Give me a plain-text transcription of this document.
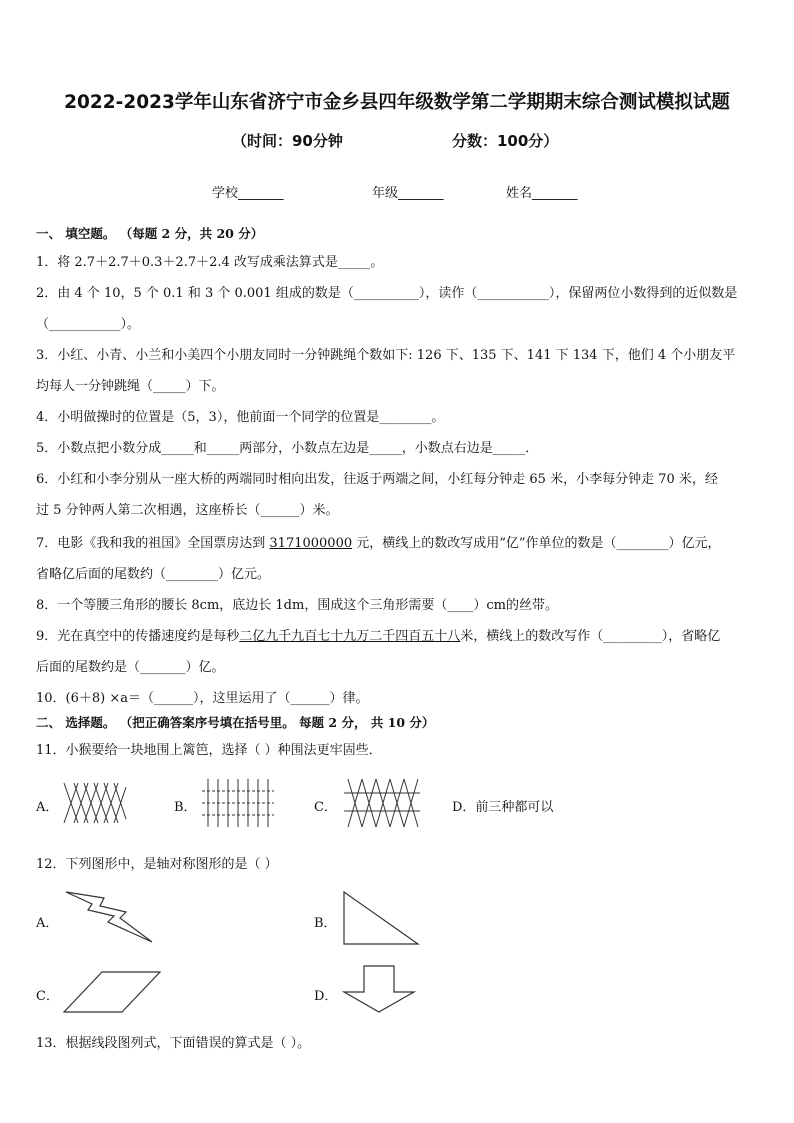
2022-2023学年山东省济宁市金乡县四年级数学第二学期期末综合测试模拟试题
（时间：90分钟	分数：100分）
学校_______	年级_______	姓名_______
一、 填空题。 （每题 2 分，共 20 分）
1．将 2.7＋2.7＋0.3＋2.7＋2.4 改写成乘法算式是_____。
2．由 4 个 10，5 个 0.1 和 3 个 0.001 组成的数是（__________），读作（___________），保留两位小数得到的近似数是
（___________）。
3．小红、小青、小兰和小美四个小朋友同时一分钟跳绳个数如下: 126 下、135 下、141 下 134 下，他们 4 个小朋友平
均每人一分钟跳绳（_____）下。
4．小明做操时的位置是（5，3），他前面一个同学的位置是________。
5．小数点把小数分成_____和_____两部分，小数点左边是_____，小数点右边是_____．
6．小红和小李分别从一座大桥的两端同时相向出发，往返于两端之间，小红每分钟走 65 米，小李每分钟走 70 米，经
过 5 分钟两人第二次相遇，这座桥长（______）米。
7．电影《我和我的祖国》全国票房达到 3171000000 元，横线上的数改写成用“亿”作单位的数是（________）亿元，
省略亿后面的尾数约（________）亿元。
8．一个等腰三角形的腰长 8cm，底边长 1dm，围成这个三角形需要（____）cm的丝带。
9．光在真空中的传播速度约是每秒二亿九千九百七十九万二千四百五十八米，横线上的数改写作（_________），省略亿
后面的尾数约是（_______）亿。
10．(6＋8) ×a＝（______），这里运用了（______）律。
二、 选择题。 （把正确答案序号填在括号里。 每题 2 分， 共 10 分）
11．小猴要给一块地围上篱笆，选择（ ）种围法更牢固些．
A．	B．	C．	D．前三种都可以
12．下列图形中，是轴对称图形的是（ ）
A．	B．
C．	D．
13．根据线段图列式，下面错误的算式是（ ）。
